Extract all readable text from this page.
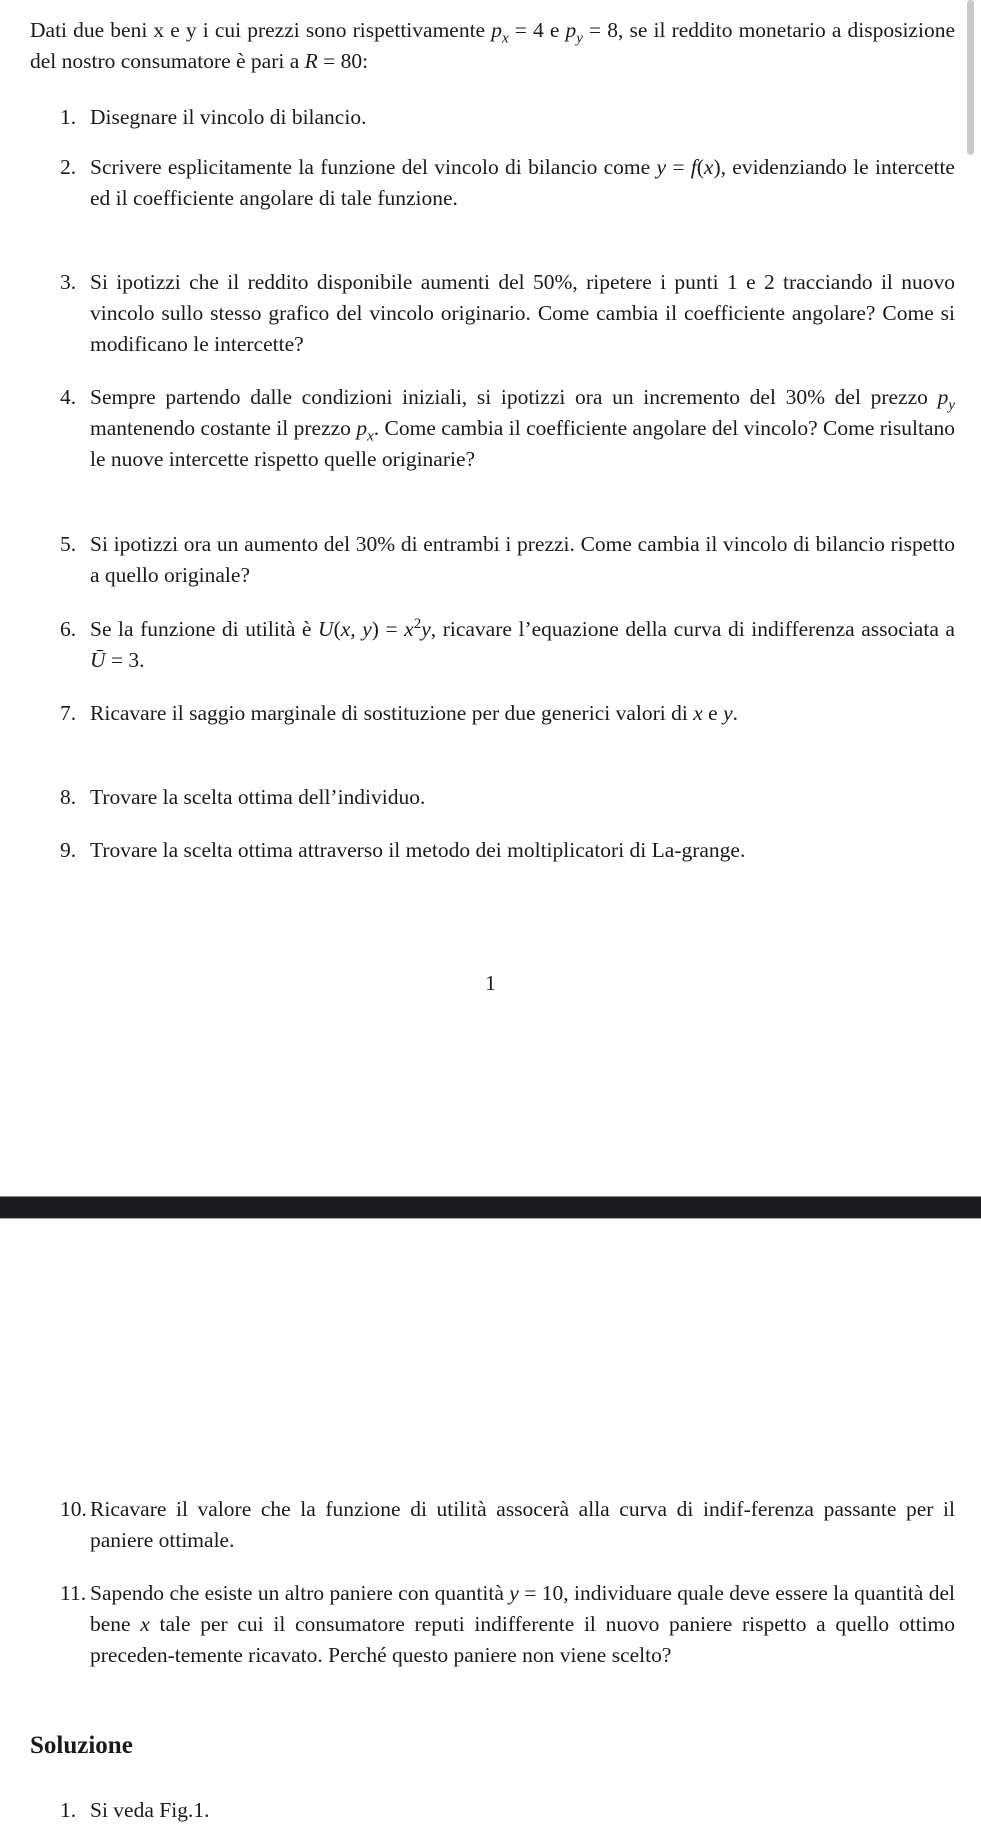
Dati due beni x e y i cui prezzi sono rispettivamente $p_x = 4$ e $p_y = 8$, se il reddito monetario a disposizione del nostro consumatore è pari a R = 80:
1. Disegnare il vincolo di bilancio.
2. Scrivere esplicitamente la funzione del vincolo di bilancio come y = f(x), evidenziando le intercette ed il coefficiente angolare di tale funzione.
3. Si ipotizzi che il reddito disponibile aumenti del 50%, ripetere i punti 1 e 2 tracciando il nuovo vincolo sullo stesso grafico del vincolo originario. Come cambia il coefficiente angolare? Come si modificano le intercette?
4. Sempre partendo dalle condizioni iniziali, si ipotizzi ora un incremento del 30% del prezzo $p_y$ mantenendo costante il prezzo $p_x$. Come cambia il coefficiente angolare del vincolo? Come risultano le nuove intercette rispetto quelle originarie?
5. Si ipotizzi ora un aumento del 30% di entrambi i prezzi. Come cambia il vincolo di bilancio rispetto a quello originale?
6. Se la funzione di utilità è U(x, $y) = x^2y$, ricavare l’equazione della curva di indifferenza associata a Ū = 3.
7. Ricavare il saggio marginale di sostituzione per due generici valori di x e y.
8. Trovare la scelta ottima dell’individuo.
9. Trovare la scelta ottima attraverso il metodo dei moltiplicatori di La-grange.
1
10. Ricavare il valore che la funzione di utilità assocerà alla curva di indif-ferenza passante per il paniere ottimale.
11. Sapendo che esiste un altro paniere con quantità y = 10, individuare quale deve essere la quantità del bene x tale per cui il consumatore reputi indifferente il nuovo paniere rispetto a quello ottimo preceden-temente ricavato. Perché questo paniere non viene scelto?
Soluzione
1. Si veda Fig.1.
